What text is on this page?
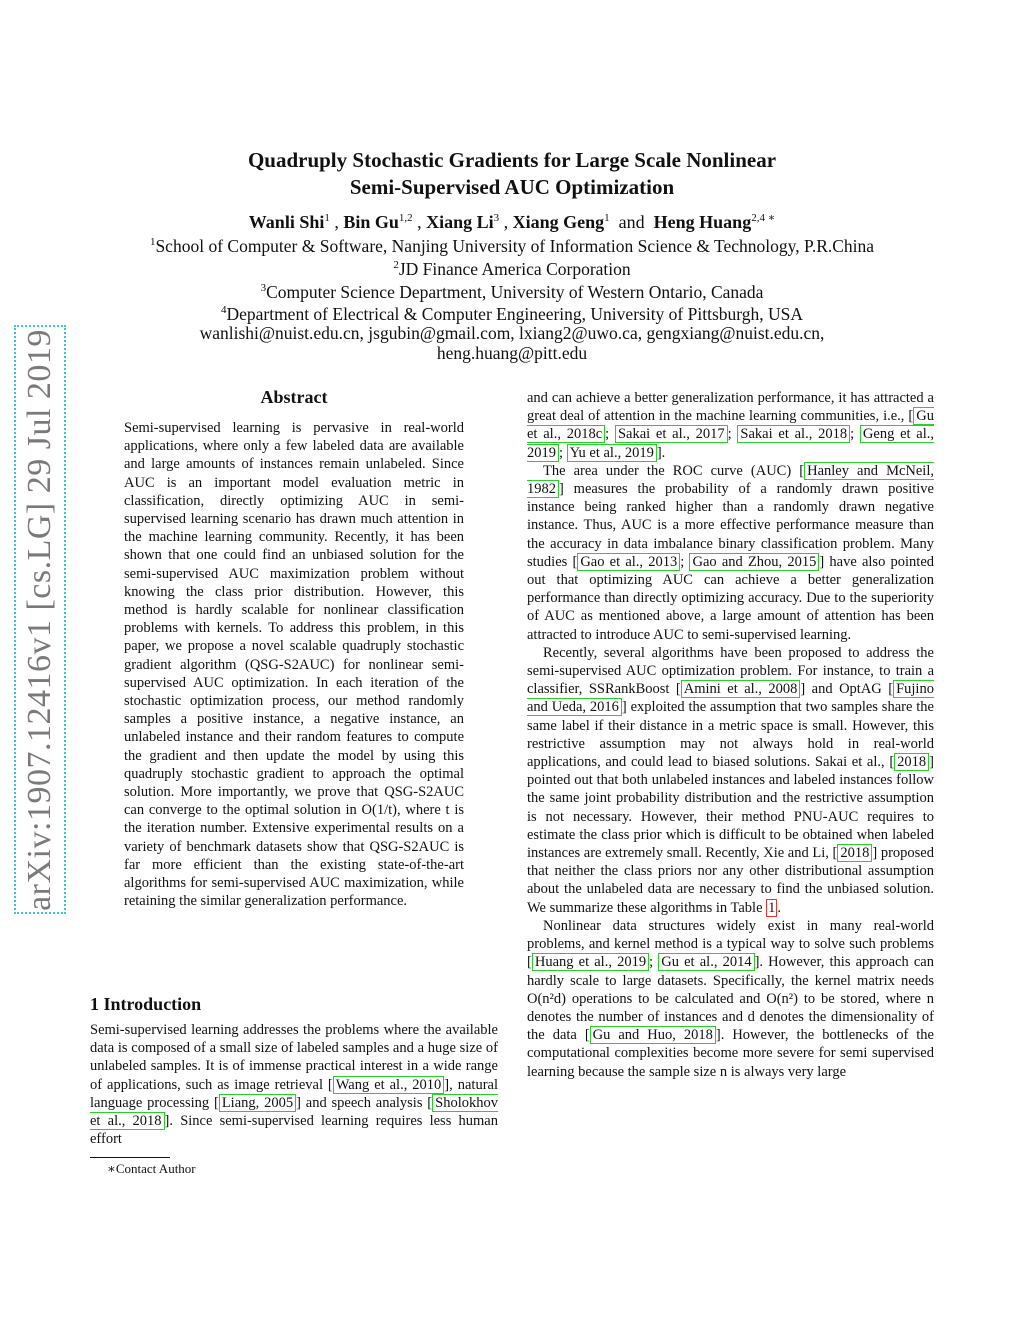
arXiv:1907.12416v1 [cs.LG] 29 Jul 2019
Quadruply Stochastic Gradients for Large Scale Nonlinear
Semi-Supervised AUC Optimization
Wanli Shi$^1$ , Bin Gu$^{1,2}$ , Xiang Li$^3$ , Xiang Geng$^1$ and Heng Huang$^{2,4 ∗}$
$^1$School of Computer & Software, Nanjing University of Information Science & Technology, P.R.China
$^2$JD Finance America Corporation
$^3$Computer Science Department, University of Western Ontario, Canada
$^4$Department of Electrical & Computer Engineering, University of Pittsburgh, USA
wanlishi@nuist.edu.cn, jsgubin@gmail.com, lxiang2@uwo.ca, gengxiang@nuist.edu.cn,
heng.huang@pitt.edu
Abstract

Semi-supervised learning is pervasive in real-world applications, where only a few labeled data are available and large amounts of instances remain unlabeled. Since AUC is an important model evaluation metric in classification, directly optimizing AUC in semi-supervised learning scenario has drawn much attention in the machine learning community. Recently, it has been shown that one could find an unbiased solution for the semi-supervised AUC maximization problem without knowing the class prior distribution. However, this method is hardly scalable for nonlinear classification problems with kernels. To address this problem, in this paper, we propose a novel scalable quadruply stochastic gradient algorithm (QSG-S2AUC) for nonlinear semi-supervised AUC optimization. In each iteration of the stochastic optimization process, our method randomly samples a positive instance, a negative instance, an unlabeled instance and their random features to compute the gradient and then update the model by using this quadruply stochastic gradient to approach the optimal solution. More importantly, we prove that QSG-S2AUC can converge to the optimal solution in O(1/t), where t is the iteration number. Extensive experimental results on a variety of benchmark datasets show that QSG-S2AUC is far more efficient than the existing state-of-the-art algorithms for semi-supervised AUC maximization, while retaining the similar generalization performance.

1 Introduction

Semi-supervised learning addresses the problems where the available data is composed of a small size of labeled samples and a huge size of unlabeled samples. It is of immense practical interest in a wide range of applications, such as image retrieval [ Wang et al., 2010 ], natural language processing [ Liang, 2005 ] and speech analysis [ Sholokhov et al., 2018 ]. Since semi-supervised learning requires less human effort

∗Contact Author

and can achieve a better generalization performance, it has attracted a great deal of attention in the machine learning communities, i.e., [ Gu et al., 2018c ; Sakai et al., 2017 ; Sakai et al., 2018 ; Geng et al., 2019 ; Yu et al., 2019 ].

The area under the ROC curve (AUC) [ Hanley and McNeil, 1982 ] measures the probability of a randomly drawn positive instance being ranked higher than a randomly drawn negative instance. Thus, AUC is a more effective performance measure than the accuracy in data imbalance binary classification problem. Many studies [ Gao et al., 2013 ; Gao and Zhou, 2015 ] have also pointed out that optimizing AUC can achieve a better generalization performance than directly optimizing accuracy. Due to the superiority of AUC as mentioned above, a large amount of attention has been attracted to introduce AUC to semi-supervised learning.

Recently, several algorithms have been proposed to address the semi-supervised AUC optimization problem. For instance, to train a classifier, SSRankBoost [ Amini et al., 2008 ] and OptAG [ Fujino and Ueda, 2016 ] exploited the assumption that two samples share the same label if their distance in a metric space is small. However, this restrictive assumption may not always hold in real-world applications, and could lead to biased solutions. Sakai et al., [ 2018 ] pointed out that both unlabeled instances and labeled instances follow the same joint probability distribution and the restrictive assumption is not necessary. However, their method PNU-AUC requires to estimate the class prior which is difficult to be obtained when labeled instances are extremely small. Recently, Xie and Li, [ 2018 ] proposed that neither the class priors nor any other distributional assumption about the unlabeled data are necessary to find the unbiased solution. We summarize these algorithms in Table 1 .

Nonlinear data structures widely exist in many real-world problems, and kernel method is a typical way to solve such problems [ Huang et al., 2019 ; Gu et al., 2014 ]. However, this approach can hardly scale to large datasets. Specifically, the kernel matrix needs O(n²d) operations to be calculated and O(n²) to be stored, where n denotes the number of instances and d denotes the dimensionality of the data [ Gu and Huo, 2018 ]. However, the bottlenecks of the computational complexities become more severe for semi supervised learning because the sample size n is always very large
